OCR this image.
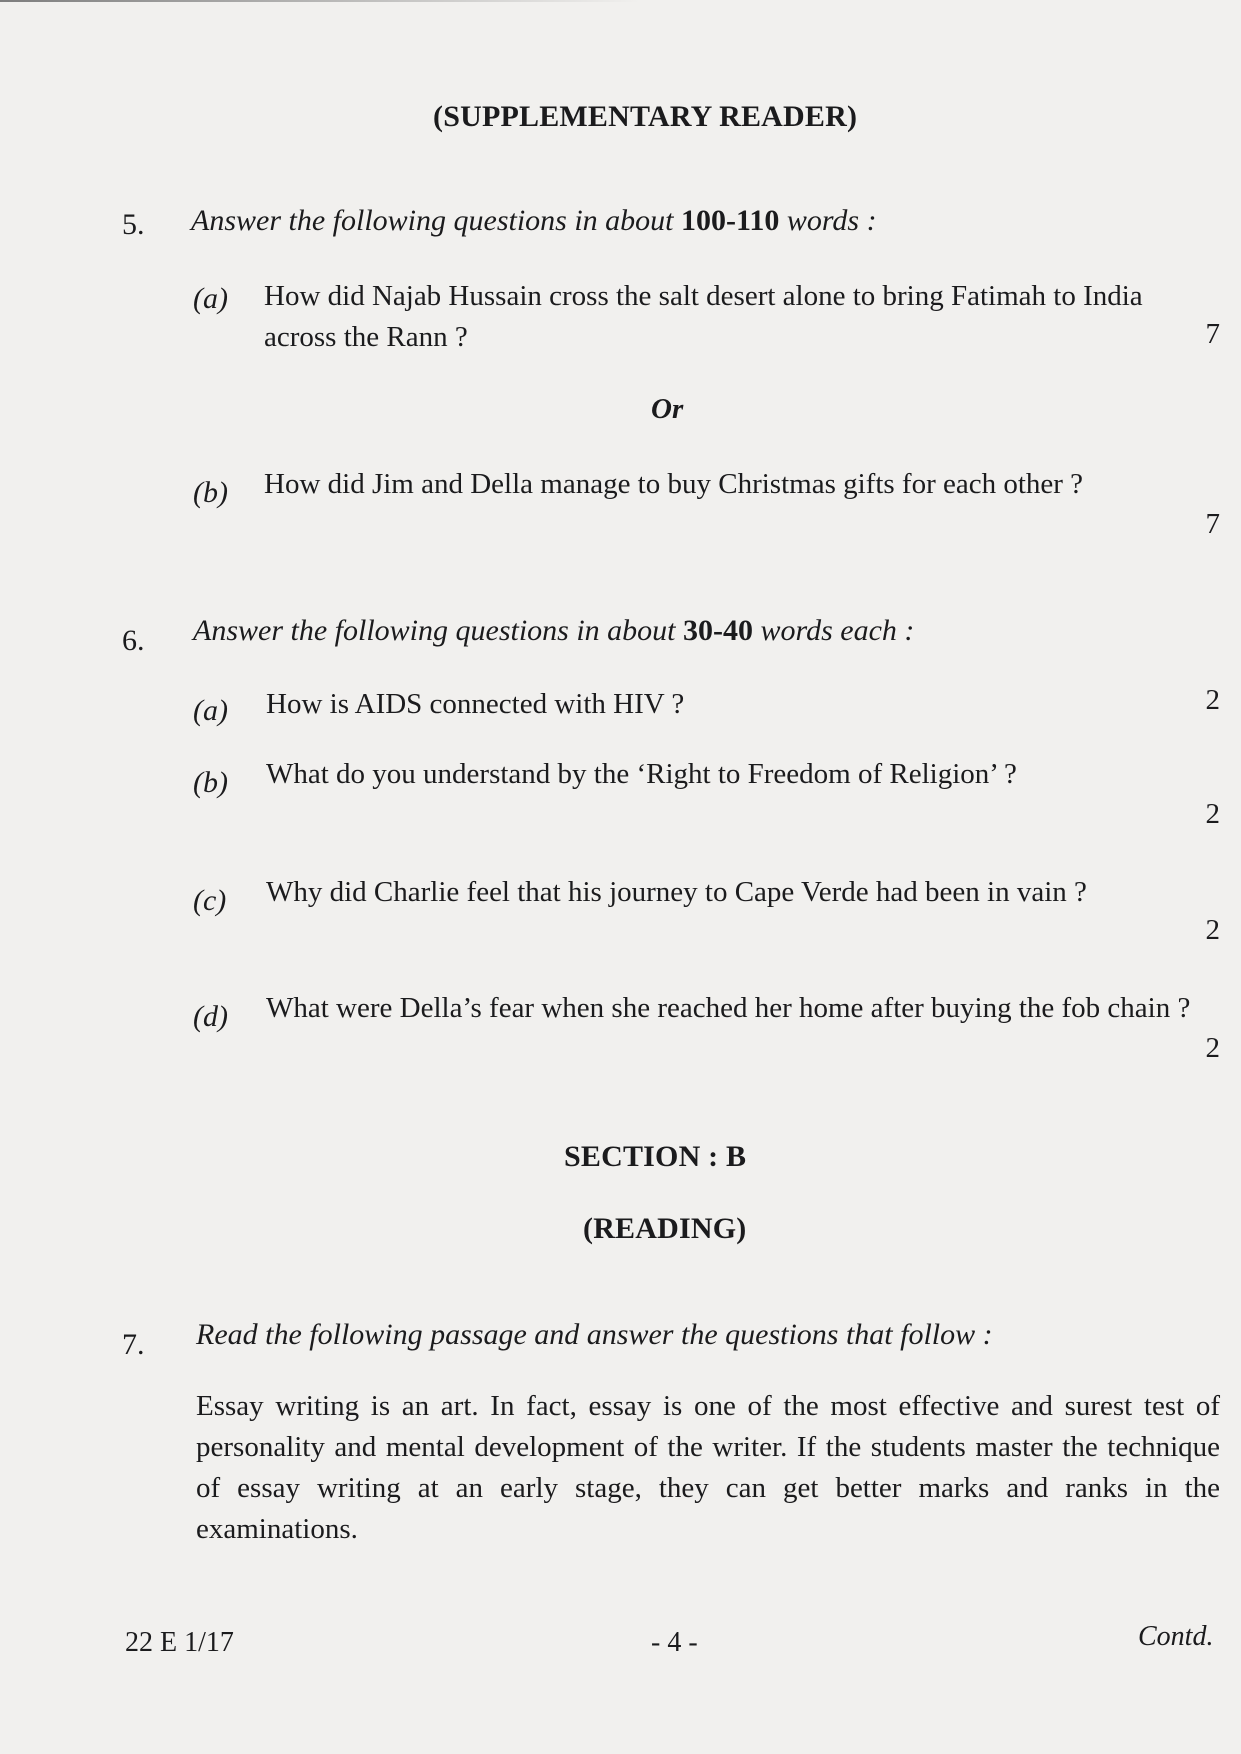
(SUPPLEMENTARY READER)
5. Answer the following questions in about 100-110 words :
(a) How did Najab Hussain cross the salt desert alone to bring Fatimah to India across the Rann ?	7
Or
(b) How did Jim and Della manage to buy Christmas gifts for each other ?
7
6. Answer the following questions in about 30-40 words each :
(a) How is AIDS connected with HIV ?	2
(b) What do you understand by the ‘Right to Freedom of Religion’ ?
2
(c) Why did Charlie feel that his journey to Cape Verde had been in vain ?
2
(d) What were Della’s fear when she reached her home after buying the fob chain ?
2
SECTION : B
(READING)
7. Read the following passage and answer the questions that follow :
Essay writing is an art. In fact, essay is one of the most effective and surest test of personality and mental development of the writer. If the students master the technique of essay writing at an early stage, they can get better marks and ranks in the examinations.
22 E 1/17	- 4 -	Contd.
